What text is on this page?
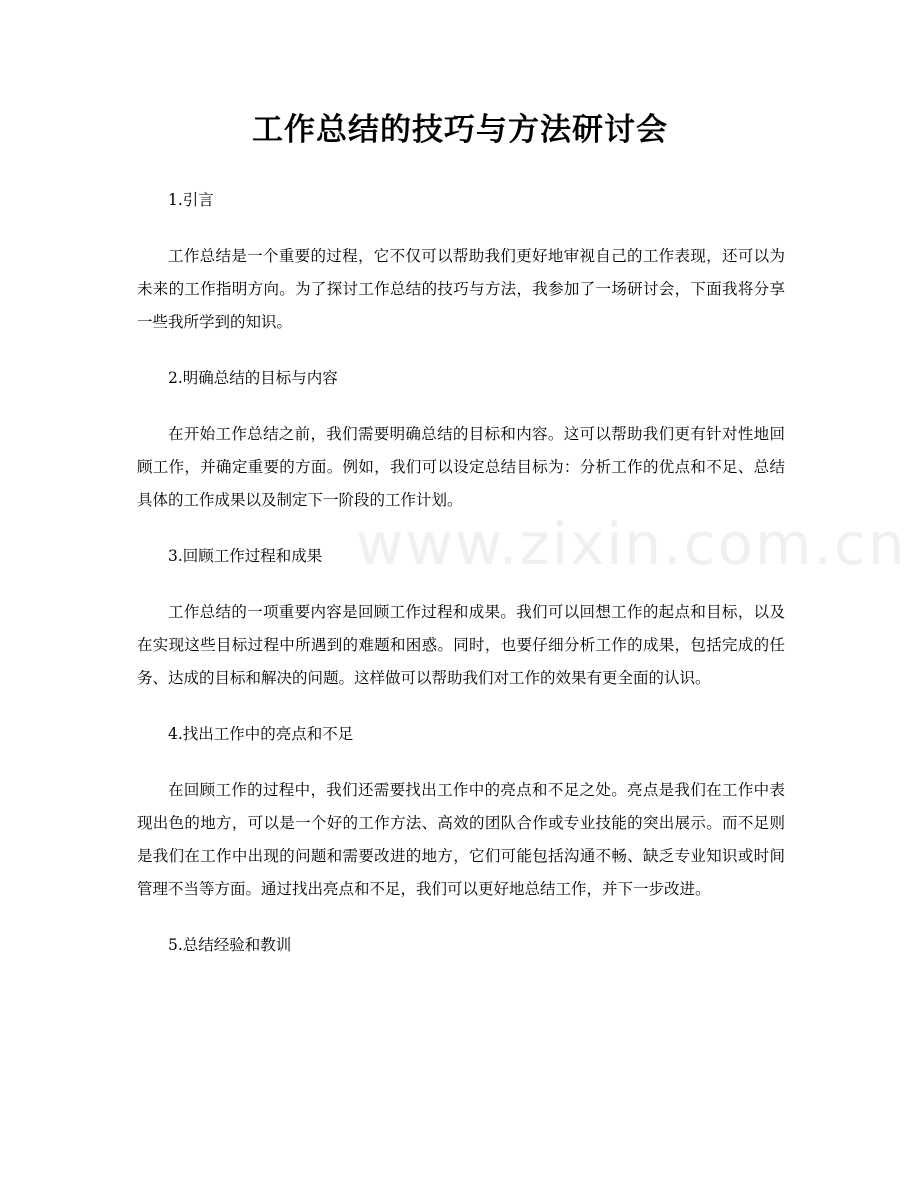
工作总结的技巧与方法研讨会
www.zixin.com.cn

1.引言

工作总结是一个重要的过程，它不仅可以帮助我们更好地审视自己的工作表现，还可以为未来的工作指明方向。为了探讨工作总结的技巧与方法，我参加了一场研讨会，下面我将分享一些我所学到的知识。

2.明确总结的目标与内容

在开始工作总结之前，我们需要明确总结的目标和内容。这可以帮助我们更有针对性地回顾工作，并确定重要的方面。例如，我们可以设定总结目标为：分析工作的优点和不足、总结具体的工作成果以及制定下一阶段的工作计划。

3.回顾工作过程和成果

工作总结的一项重要内容是回顾工作过程和成果。我们可以回想工作的起点和目标，以及在实现这些目标过程中所遇到的难题和困惑。同时，也要仔细分析工作的成果，包括完成的任务、达成的目标和解决的问题。这样做可以帮助我们对工作的效果有更全面的认识。

4.找出工作中的亮点和不足

在回顾工作的过程中，我们还需要找出工作中的亮点和不足之处。亮点是我们在工作中表现出色的地方，可以是一个好的工作方法、高效的团队合作或专业技能的突出展示。而不足则是我们在工作中出现的问题和需要改进的地方，它们可能包括沟通不畅、缺乏专业知识或时间管理不当等方面。通过找出亮点和不足，我们可以更好地总结工作，并下一步改进。

5.总结经验和教训
